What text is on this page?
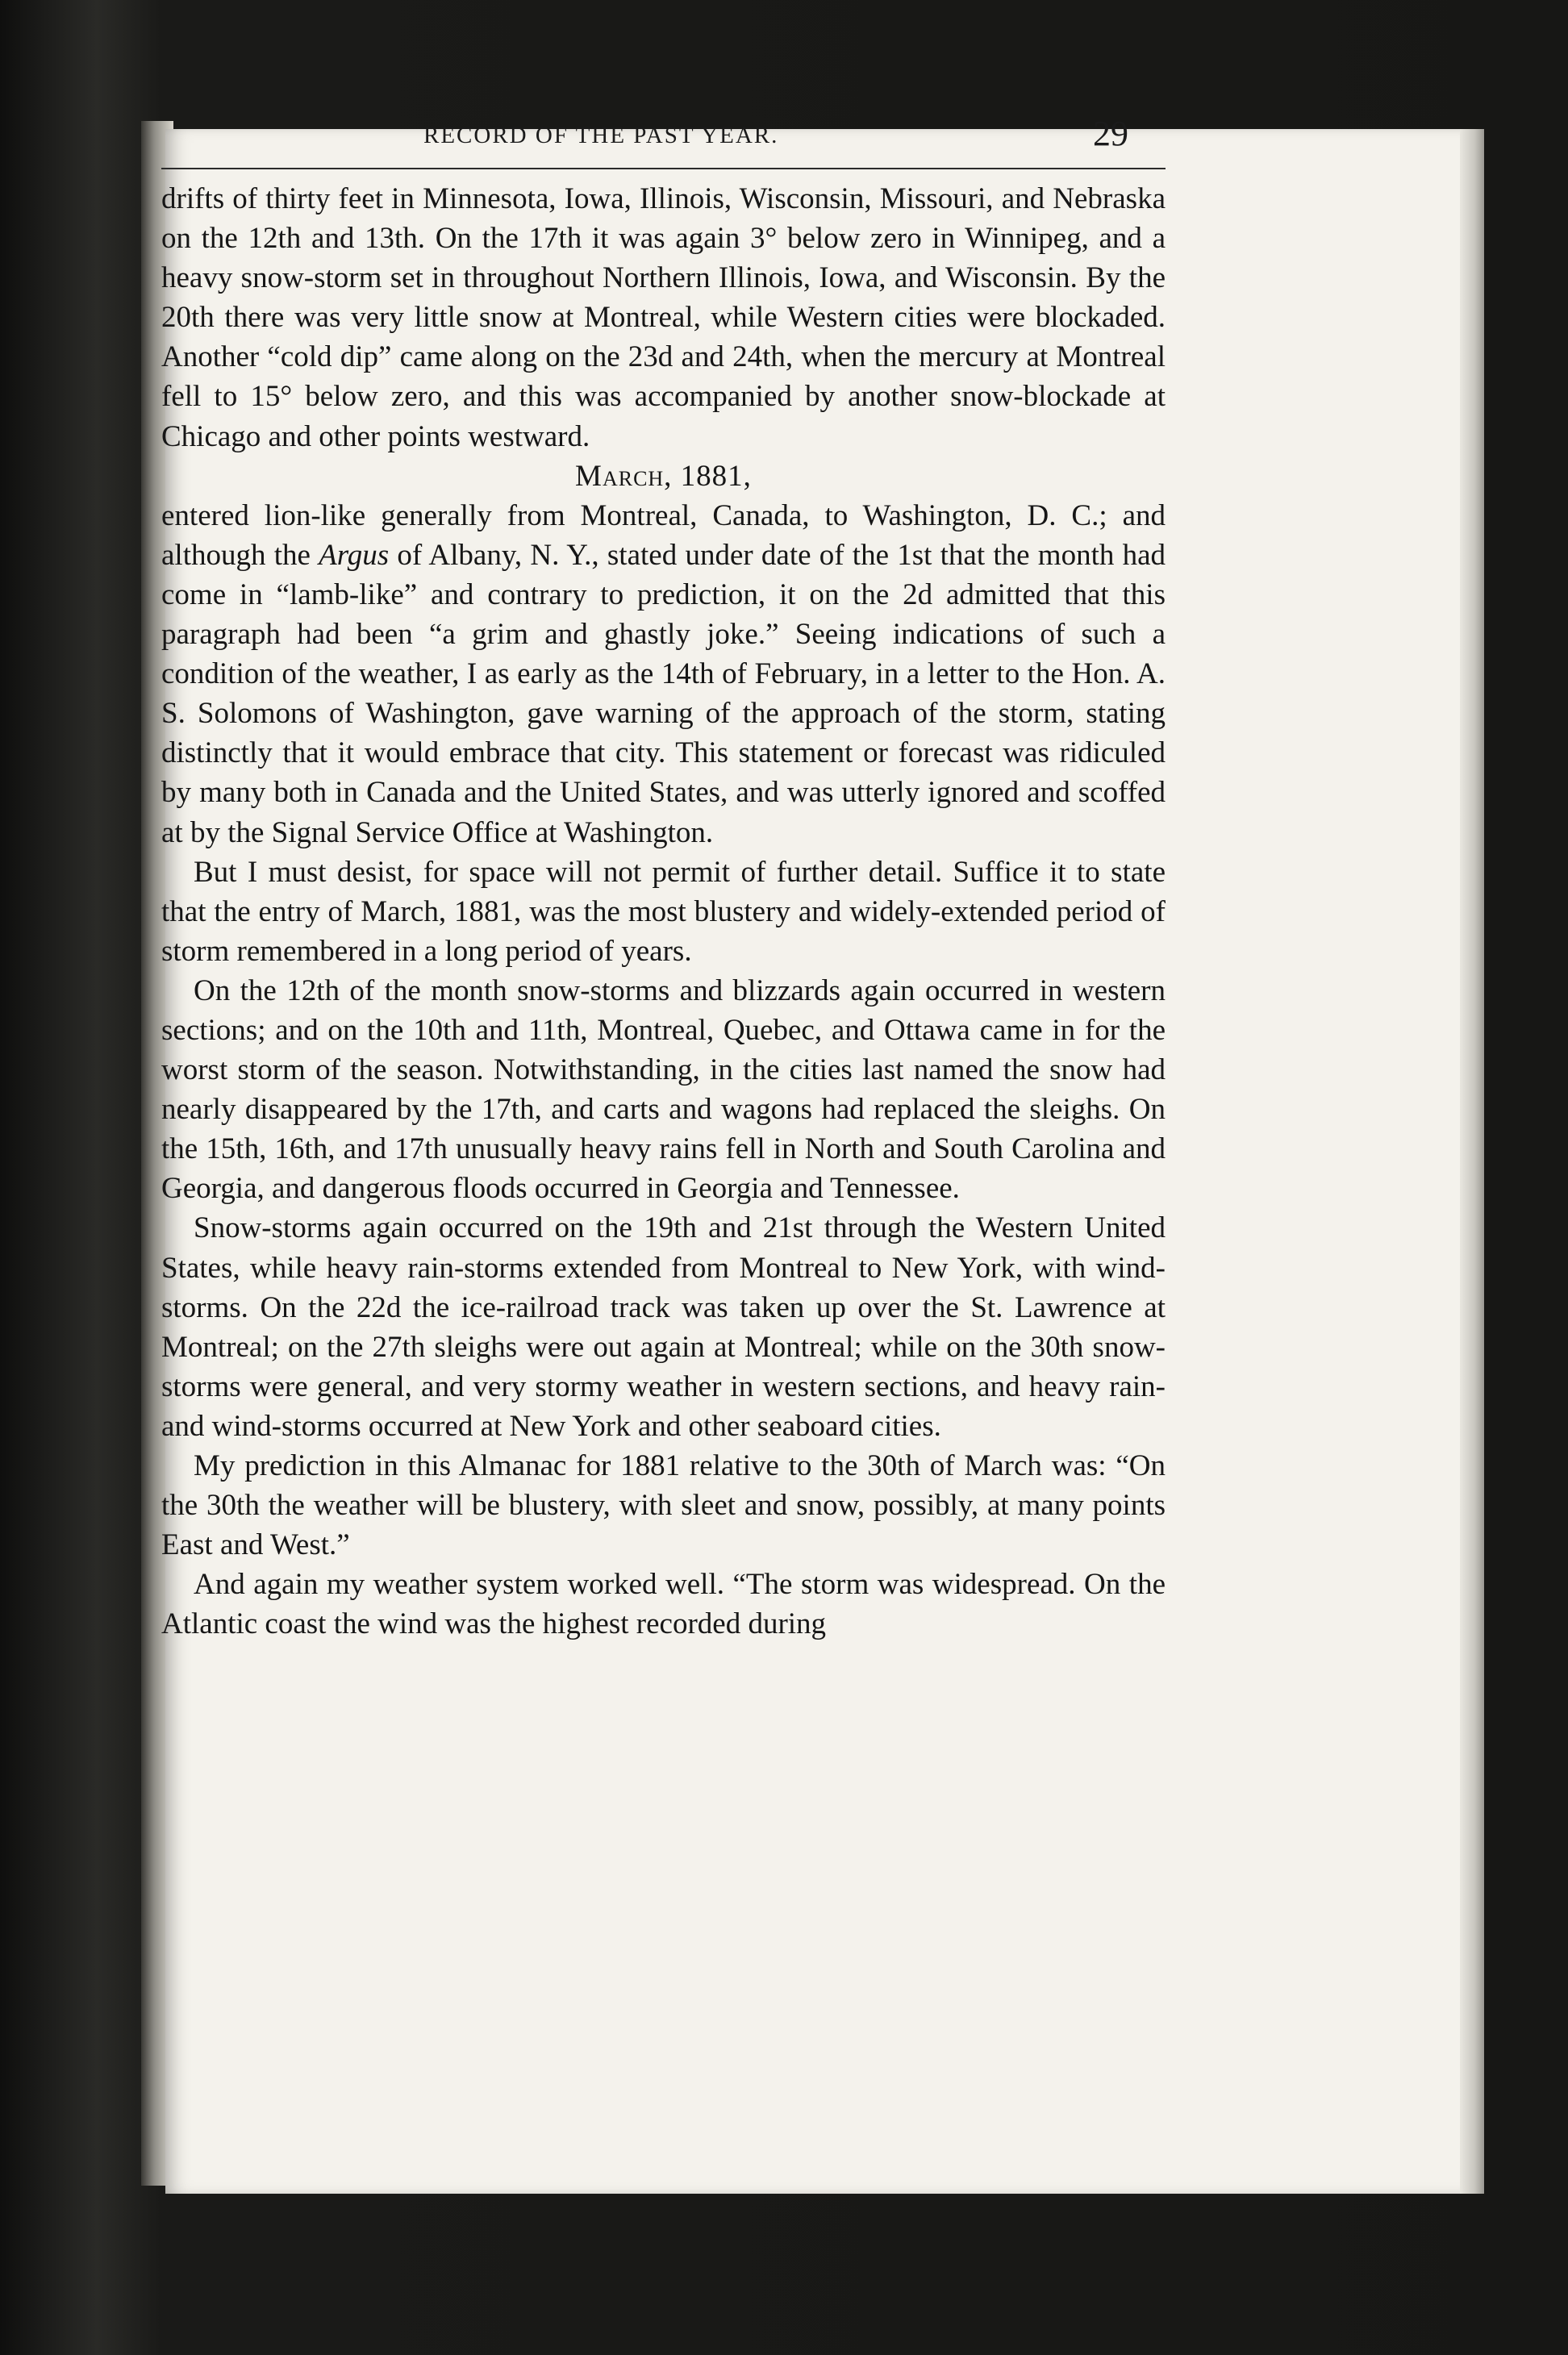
RECORD OF THE PAST YEAR.	29

drifts of thirty feet in Minnesota, Iowa, Illinois, Wisconsin, Missouri, and Nebraska on the 12th and 13th. On the 17th it was again 3° below zero in Winnipeg, and a heavy snow-storm set in throughout Northern Illinois, Iowa, and Wisconsin. By the 20th there was very little snow at Montreal, while Western cities were blockaded. Another “cold dip” came along on the 23d and 24th, when the mercury at Montreal fell to 15° below zero, and this was accompanied by another snow-blockade at Chicago and other points westward.

March, 1881,

entered lion-like generally from Montreal, Canada, to Washington, D. C.; and although the Argus of Albany, N. Y., stated under date of the 1st that the month had come in “lamb-like” and contrary to prediction, it on the 2d admitted that this paragraph had been “a grim and ghastly joke.” Seeing indications of such a condition of the weather, I as early as the 14th of February, in a letter to the Hon. A. S. Solomons of Washington, gave warning of the approach of the storm, stating distinctly that it would embrace that city. This statement or forecast was ridiculed by many both in Canada and the United States, and was utterly ignored and scoffed at by the Signal Service Office at Washington.

But I must desist, for space will not permit of further detail. Suffice it to state that the entry of March, 1881, was the most blustery and widely-extended period of storm remembered in a long period of years.

On the 12th of the month snow-storms and blizzards again occurred in western sections; and on the 10th and 11th, Montreal, Quebec, and Ottawa came in for the worst storm of the season. Notwithstanding, in the cities last named the snow had nearly disappeared by the 17th, and carts and wagons had replaced the sleighs. On the 15th, 16th, and 17th unusually heavy rains fell in North and South Carolina and Georgia, and dangerous floods occurred in Georgia and Tennessee.

Snow-storms again occurred on the 19th and 21st through the Western United States, while heavy rain-storms extended from Montreal to New York, with wind-storms. On the 22d the ice-railroad track was taken up over the St. Lawrence at Montreal; on the 27th sleighs were out again at Montreal; while on the 30th snow-storms were general, and very stormy weather in western sections, and heavy rain- and wind-storms occurred at New York and other seaboard cities.

My prediction in this Almanac for 1881 relative to the 30th of March was: “On the 30th the weather will be blustery, with sleet and snow, possibly, at many points East and West.”

And again my weather system worked well. “The storm was widespread. On the Atlantic coast the wind was the highest recorded during
